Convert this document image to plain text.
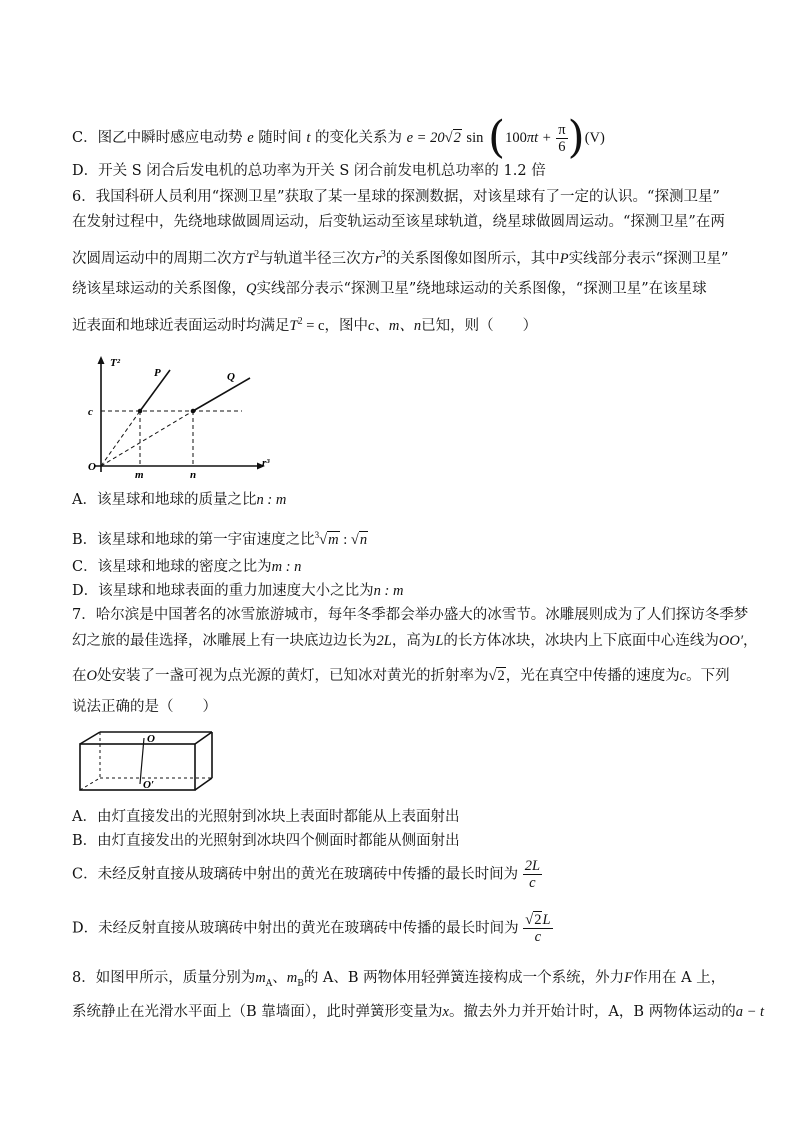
C．图乙中瞬时感应电动势 e 随时间 t 的变化关系为 e = 20√2 $\sin (100\pi t + \frac{\pi}{6} )(V)$
D．开关 S 闭合后发电机的总功率为开关 S 闭合前发电机总功率的 1.2 倍
6．我国科研人员利用“探测卫星”获取了某一星球的探测数据，对该星球有了一定的认识。“探测卫星”
在发射过程中，先绕地球做圆周运动，后变轨运动至该星球轨道，绕星球做圆周运动。“探测卫星”在两
次圆周运动中的周期二次方$T^2$与轨道半径三次方$r^3$的关系图像如图所示，其中P实线部分表示“探测卫星”
绕该星球运动的关系图像，Q实线部分表示“探测卫星”绕地球运动的关系图像，“探测卫星”在该星球
近表面和地球近表面运动时均满足$T^2 = c$，图中c、m、n已知，则（　　）
T²
r³
O
P	Q
c
m	n
A．该星球和地球的质量之比n : m
B．该星球和地球的第一宇宙速度之比$^3$√m : √n
C．该星球和地球的密度之比为m : n
D．该星球和地球表面的重力加速度大小之比为n : m
7．哈尔滨是中国著名的冰雪旅游城市，每年冬季都会举办盛大的冰雪节。冰雕展则成为了人们探访冬季梦
幻之旅的最佳选择，冰雕展上有一块底边边长为2L，高为L的长方体冰块，冰块内上下底面中心连线为OO′，
在O处安装了一盏可视为点光源的黄灯，已知冰对黄光的折射率为√2，光在真空中传播的速度为c。下列
说法正确的是（　　）
O
O′
A．由灯直接发出的光照射到冰块上表面时都能从上表面射出
B．由灯直接发出的光照射到冰块四个侧面时都能从侧面射出
C．未经反射直接从玻璃砖中射出的黄光在玻璃砖中传播的最长时间为 $\frac{2L}{c}$
D．未经反射直接从玻璃砖中射出的黄光在玻璃砖中传播的最长时间为 $\frac{√2L}{c}$
8．如图甲所示，质量分别为$m_A$、$m_B$的 A、B 两物体用轻弹簧连接构成一个系统，外力F作用在 A 上，
系统静止在光滑水平面上（B 靠墙面），此时弹簧形变量为x。撤去外力并开始计时，A，B 两物体运动的a − t
